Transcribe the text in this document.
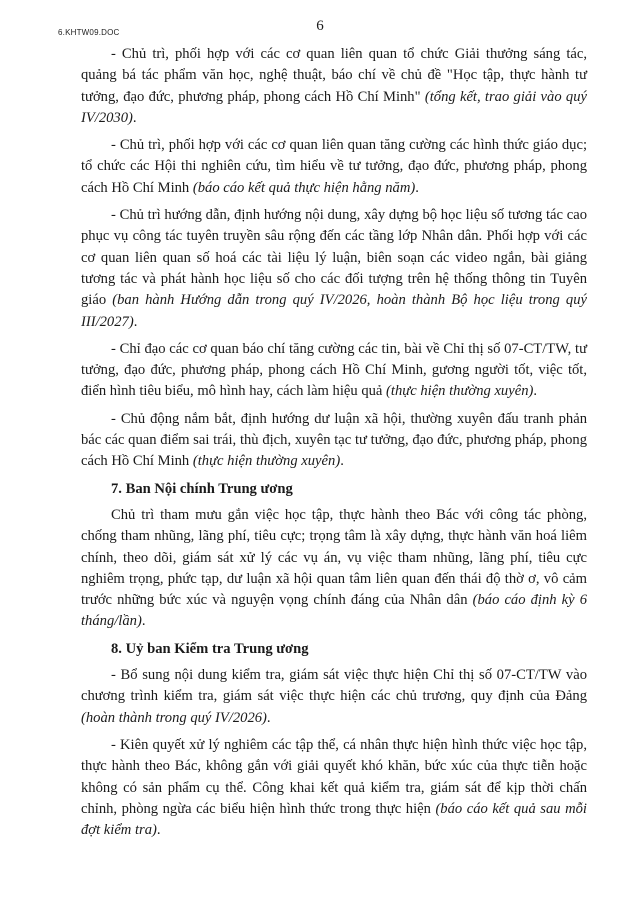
6.KHTW09.DOC	6

- Chủ trì, phối hợp với các cơ quan liên quan tổ chức Giải thưởng sáng tác, quảng bá tác phẩm văn học, nghệ thuật, báo chí về chủ đề "Học tập, thực hành tư tưởng, đạo đức, phương pháp, phong cách Hồ Chí Minh" (tổng kết, trao giải vào quý IV/2030).

- Chủ trì, phối hợp với các cơ quan liên quan tăng cường các hình thức giáo dục; tổ chức các Hội thi nghiên cứu, tìm hiểu về tư tưởng, đạo đức, phương pháp, phong cách Hồ Chí Minh (báo cáo kết quả thực hiện hằng năm).

- Chủ trì hướng dẫn, định hướng nội dung, xây dựng bộ học liệu số tương tác cao phục vụ công tác tuyên truyền sâu rộng đến các tầng lớp Nhân dân. Phối hợp với các cơ quan liên quan số hoá các tài liệu lý luận, biên soạn các video ngắn, bài giảng tương tác và phát hành học liệu số cho các đối tượng trên hệ thống thông tin Tuyên giáo (ban hành Hướng dẫn trong quý IV/2026, hoàn thành Bộ học liệu trong quý III/2027).

- Chỉ đạo các cơ quan báo chí tăng cường các tin, bài về Chỉ thị số 07-CT/TW, tư tưởng, đạo đức, phương pháp, phong cách Hồ Chí Minh, gương người tốt, việc tốt, điển hình tiêu biểu, mô hình hay, cách làm hiệu quả (thực hiện thường xuyên).

- Chủ động nắm bắt, định hướng dư luận xã hội, thường xuyên đấu tranh phản bác các quan điểm sai trái, thù địch, xuyên tạc tư tưởng, đạo đức, phương pháp, phong cách Hồ Chí Minh (thực hiện thường xuyên).

7. Ban Nội chính Trung ương

Chủ trì tham mưu gắn việc học tập, thực hành theo Bác với công tác phòng, chống tham nhũng, lãng phí, tiêu cực; trọng tâm là xây dựng, thực hành văn hoá liêm chính, theo dõi, giám sát xử lý các vụ án, vụ việc tham nhũng, lãng phí, tiêu cực nghiêm trọng, phức tạp, dư luận xã hội quan tâm liên quan đến thái độ thờ ơ, vô cảm trước những bức xúc và nguyện vọng chính đáng của Nhân dân (báo cáo định kỳ 6 tháng/lần).

8. Uỷ ban Kiểm tra Trung ương

- Bổ sung nội dung kiểm tra, giám sát việc thực hiện Chỉ thị số 07-CT/TW vào chương trình kiểm tra, giám sát việc thực hiện các chủ trương, quy định của Đảng (hoàn thành trong quý IV/2026).

- Kiên quyết xử lý nghiêm các tập thể, cá nhân thực hiện hình thức việc học tập, thực hành theo Bác, không gắn với giải quyết khó khăn, bức xúc của thực tiễn hoặc không có sản phẩm cụ thể. Công khai kết quả kiểm tra, giám sát để kịp thời chấn chỉnh, phòng ngừa các biểu hiện hình thức trong thực hiện (báo cáo kết quả sau mỗi đợt kiểm tra).
